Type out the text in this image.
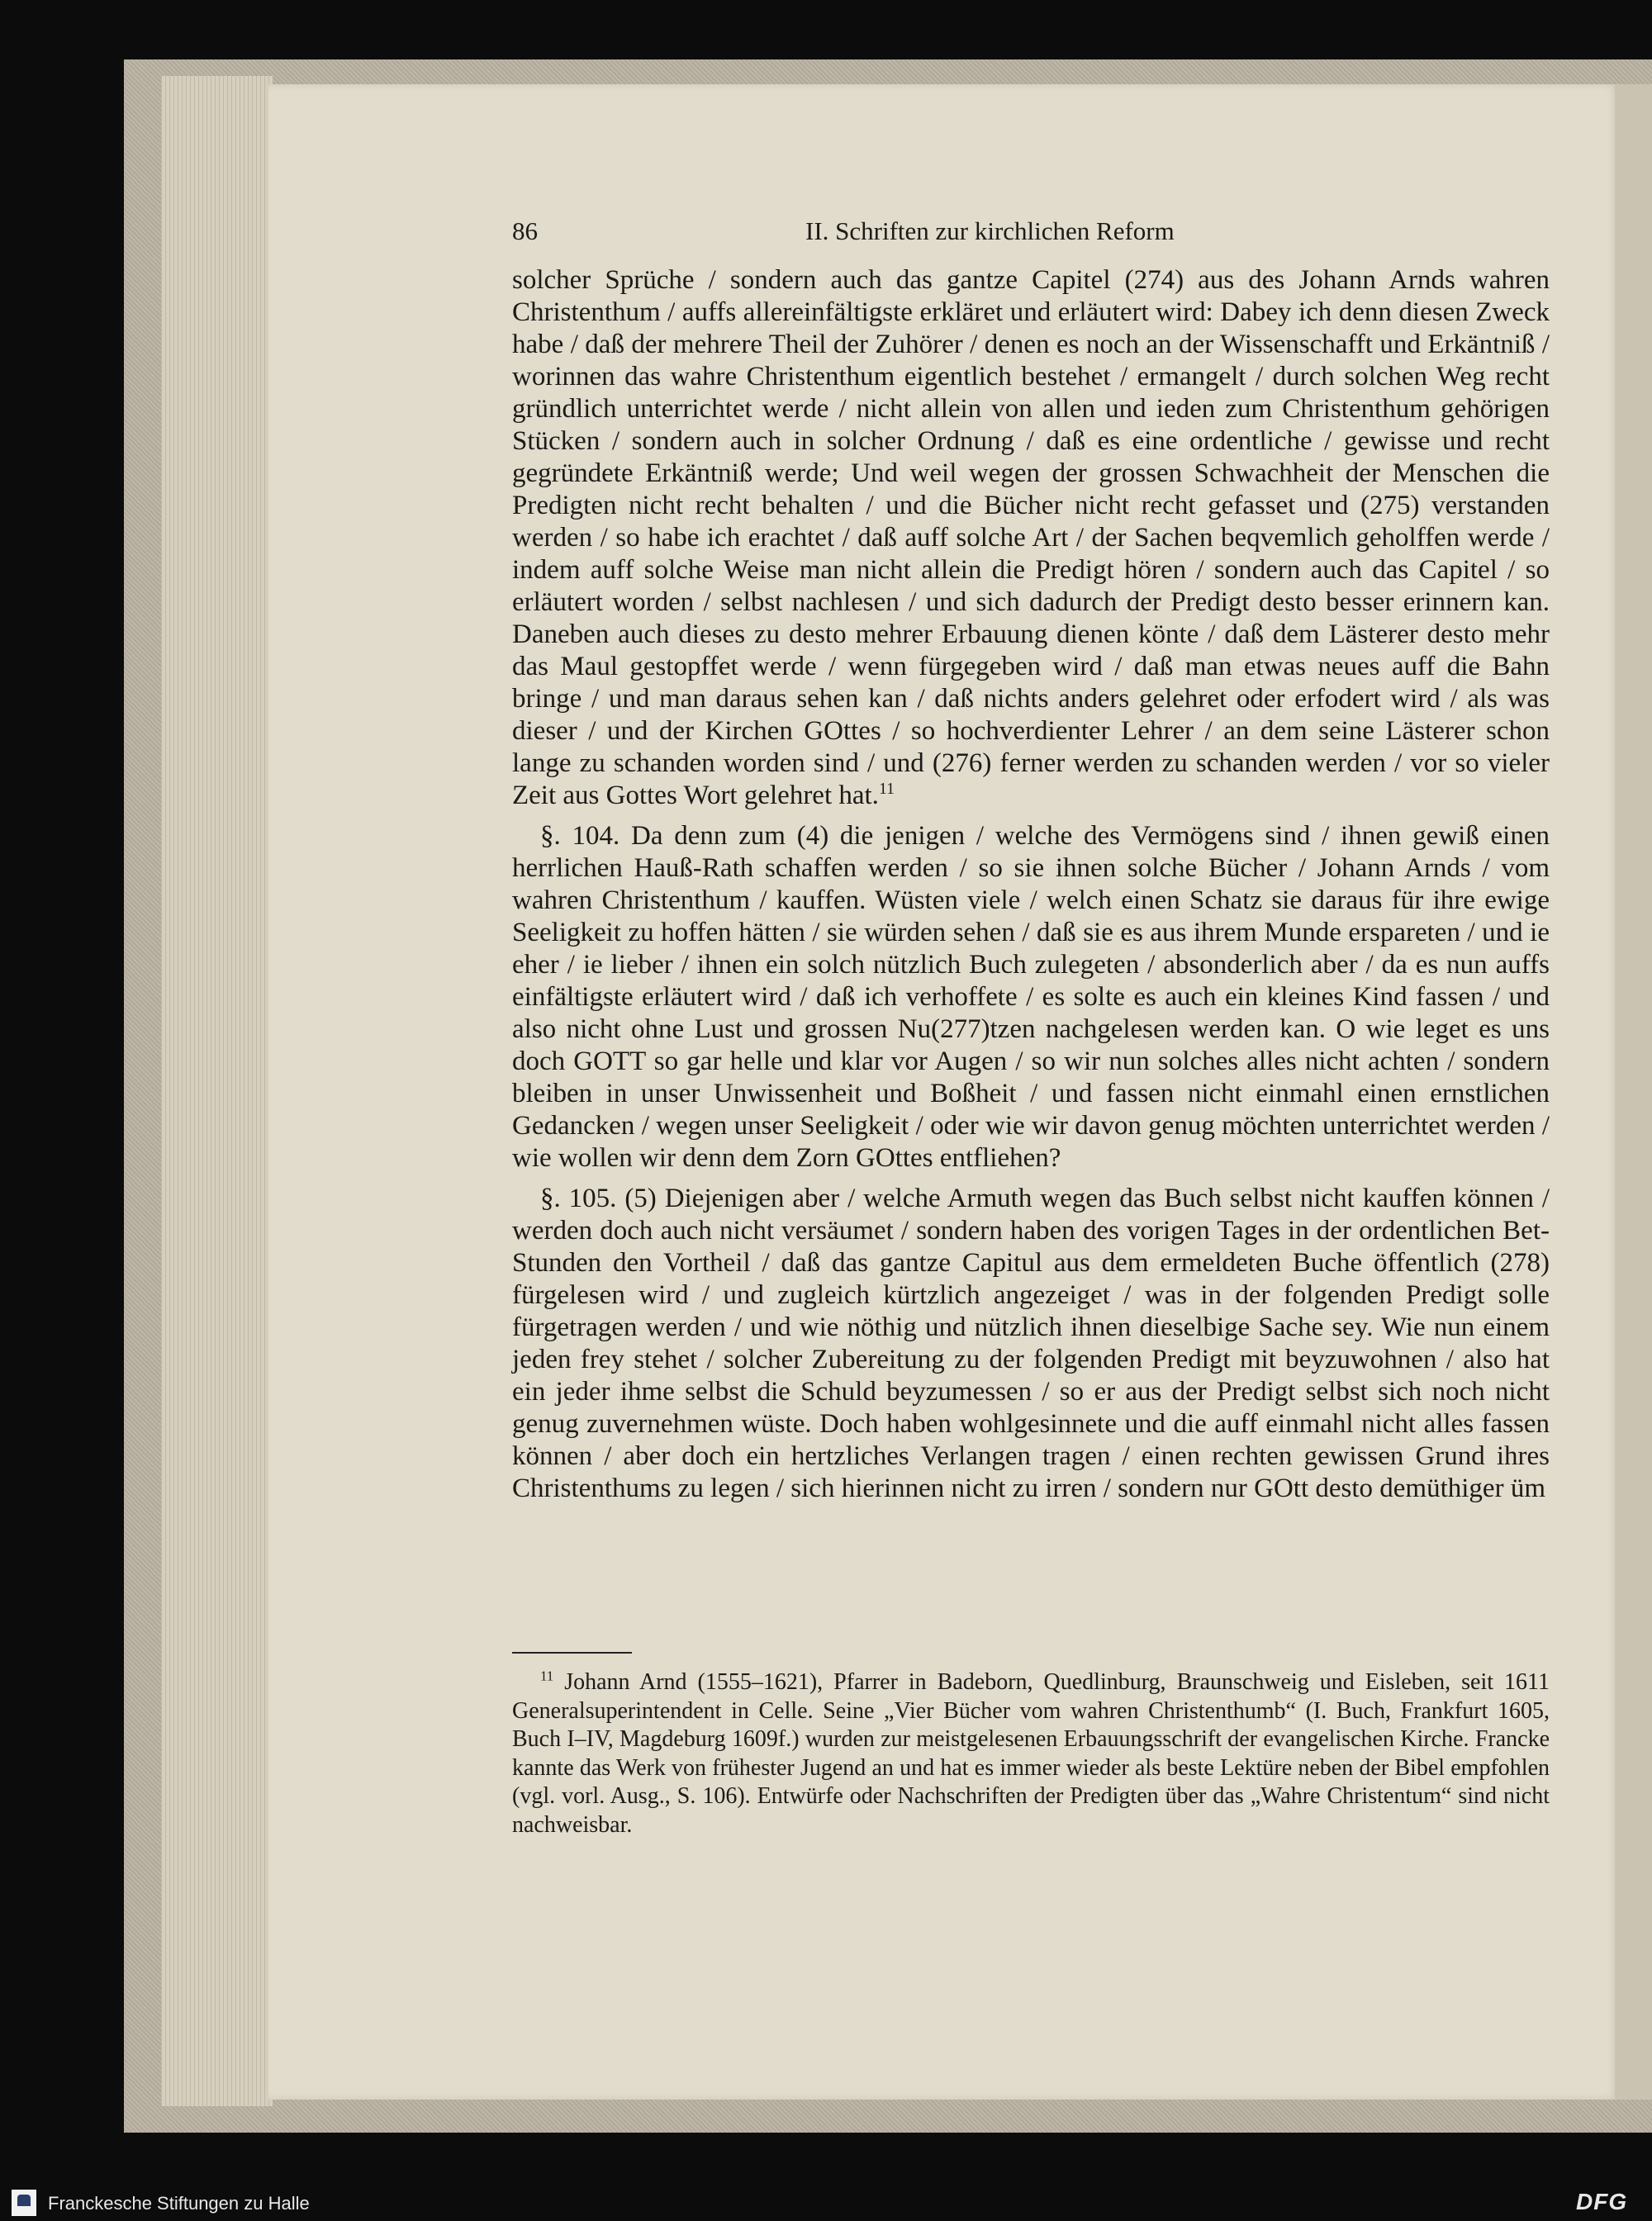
86	II. Schriften zur kirchlichen Reform

solcher Sprüche / sondern auch das gantze Capitel (274) aus des Johann Arnds wahren Christenthum / auffs allereinfältigste erkläret und erläutert wird: Dabey ich denn diesen Zweck habe / daß der mehrere Theil der Zuhörer / denen es noch an der Wissenschafft und Erkäntniß / worinnen das wahre Christenthum eigentlich bestehet / ermangelt / durch solchen Weg recht gründlich unterrichtet werde / nicht allein von allen und ieden zum Christenthum gehörigen Stücken / sondern auch in solcher Ordnung / daß es eine ordentliche / gewisse und recht gegründete Erkäntniß werde; Und weil wegen der grossen Schwachheit der Menschen die Predigten nicht recht behalten / und die Bücher nicht recht gefasset und (275) verstanden werden / so habe ich erachtet / daß auff solche Art / der Sachen beqvemlich geholffen werde / indem auff solche Weise man nicht allein die Predigt hören / sondern auch das Capitel / so erläutert worden / selbst nachlesen / und sich dadurch der Predigt desto besser erinnern kan. Daneben auch dieses zu desto mehrer Erbauung dienen könte / daß dem Lästerer desto mehr das Maul gestopffet werde / wenn fürgegeben wird / daß man etwas neues auff die Bahn bringe / und man daraus sehen kan / daß nichts anders gelehret oder erfodert wird / als was dieser / und der Kirchen GOttes / so hochverdienter Lehrer / an dem seine Lästerer schon lange zu schanden worden sind / und (276) ferner werden zu schanden werden / vor so vieler Zeit aus Gottes Wort gelehret hat.$^{11}$

§. 104. Da denn zum (4) die jenigen / welche des Vermögens sind / ihnen gewiß einen herrlichen Hauß-Rath schaffen werden / so sie ihnen solche Bücher / Johann Arnds / vom wahren Christenthum / kauffen. Wüsten viele / welch einen Schatz sie daraus für ihre ewige Seeligkeit zu hoffen hätten / sie würden sehen / daß sie es aus ihrem Munde erspareten / und ie eher / ie lieber / ihnen ein solch nützlich Buch zulegeten / absonderlich aber / da es nun auffs einfältigste erläutert wird / daß ich verhoffete / es solte es auch ein kleines Kind fassen / und also nicht ohne Lust und grossen Nu(277)tzen nachgelesen werden kan. O wie leget es uns doch GOTT so gar helle und klar vor Augen / so wir nun solches alles nicht achten / sondern bleiben in unser Unwissenheit und Boßheit / und fassen nicht einmahl einen ernstlichen Gedancken / wegen unser Seeligkeit / oder wie wir davon genug möchten unterrichtet werden / wie wollen wir denn dem Zorn GOttes entfliehen?

§. 105. (5) Diejenigen aber / welche Armuth wegen das Buch selbst nicht kauffen können / werden doch auch nicht versäumet / sondern haben des vorigen Tages in der ordentlichen Bet-Stunden den Vortheil / daß das gantze Capitul aus dem ermeldeten Buche öffentlich (278) fürgelesen wird / und zugleich kürtzlich angezeiget / was in der folgenden Predigt solle fürgetragen werden / und wie nöthig und nützlich ihnen dieselbige Sache sey. Wie nun einem jeden frey stehet / solcher Zubereitung zu der folgenden Predigt mit beyzuwohnen / also hat ein jeder ihme selbst die Schuld beyzumessen / so er aus der Predigt selbst sich noch nicht genug zuvernehmen wüste. Doch haben wohlgesinnete und die auff einmahl nicht alles fassen können / aber doch ein hertzliches Verlangen tragen / einen rechten gewissen Grund ihres Christenthums zu legen / sich hierinnen nicht zu irren / sondern nur GOtt desto demüthiger üm

$^{11}$ Johann Arnd (1555–1621), Pfarrer in Badeborn, Quedlinburg, Braunschweig und Eisleben, seit 1611 Generalsuperintendent in Celle. Seine „Vier Bücher vom wahren Christenthumb“ (I. Buch, Frankfurt 1605, Buch I–IV, Magdeburg 1609f.) wurden zur meistgelesenen Erbauungsschrift der evangelischen Kirche. Francke kannte das Werk von frühester Jugend an und hat es immer wieder als beste Lektüre neben der Bibel empfohlen (vgl. vorl. Ausg., S. 106). Entwürfe oder Nachschriften der Predigten über das „Wahre Christentum“ sind nicht nachweisbar.

Franckesche Stiftungen zu Halle	DFG
